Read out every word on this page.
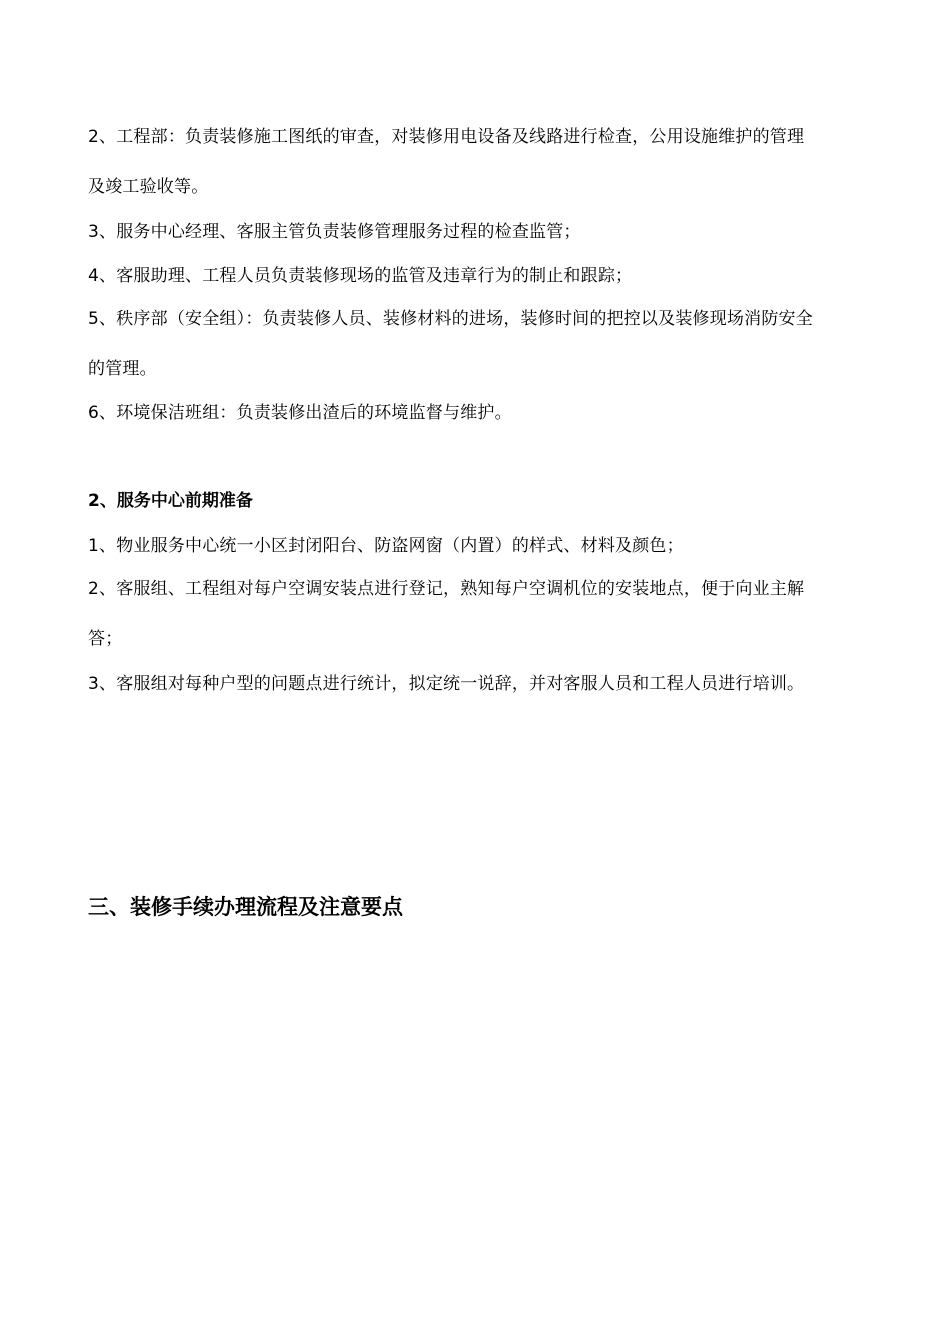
2、工程部：负责装修施工图纸的审查，对装修用电设备及线路进行检查，公用设施维护的管理
及竣工验收等。
3、服务中心经理、客服主管负责装修管理服务过程的检查监管；
4、客服助理、工程人员负责装修现场的监管及违章行为的制止和跟踪；
5、秩序部（安全组）：负责装修人员、装修材料的进场，装修时间的把控以及装修现场消防安全
的管理。
6、环境保洁班组：负责装修出渣后的环境监督与维护。
2、服务中心前期准备
1、物业服务中心统一小区封闭阳台、防盗网窗（内置）的样式、材料及颜色；
2、客服组、工程组对每户空调安装点进行登记，熟知每户空调机位的安装地点，便于向业主解
答；
3、客服组对每种户型的问题点进行统计，拟定统一说辞，并对客服人员和工程人员进行培训。
三、装修手续办理流程及注意要点
